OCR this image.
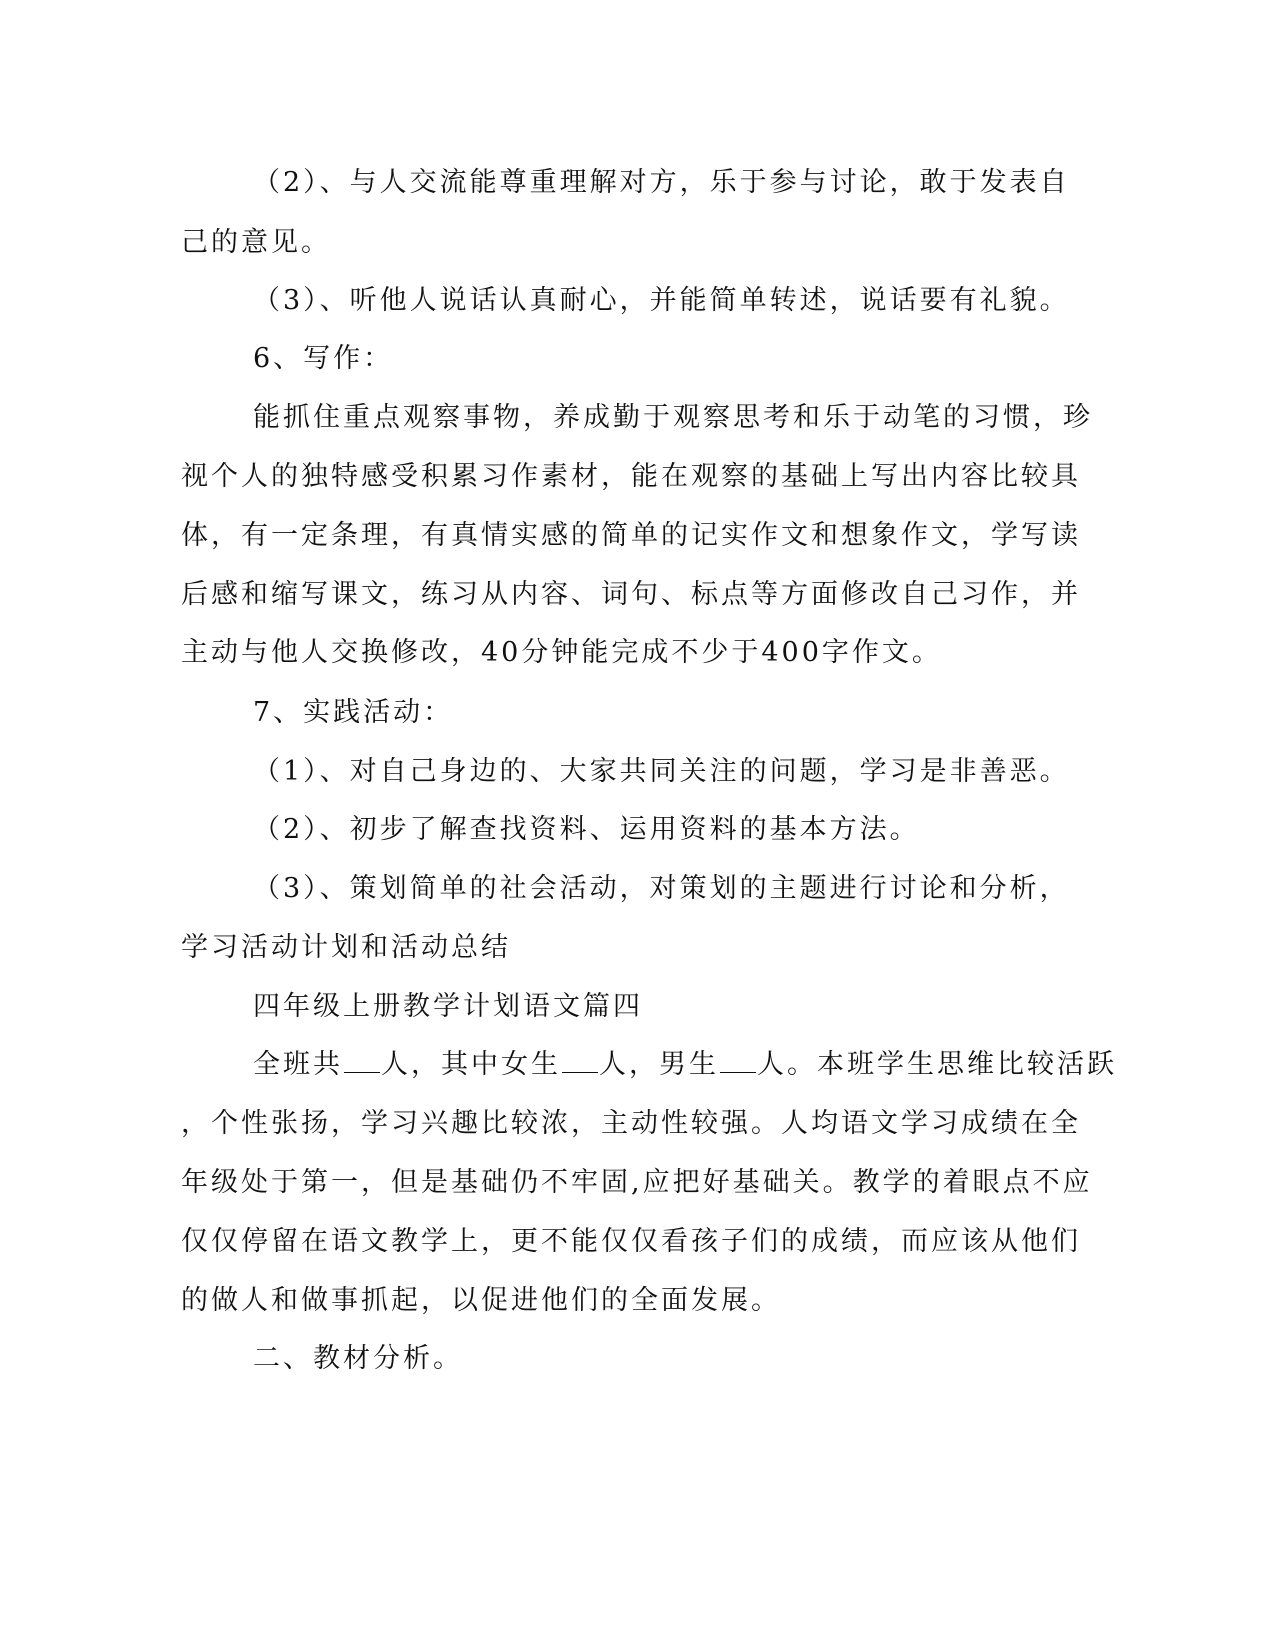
（2）、与人交流能尊重理解对方，乐于参与讨论，敢于发表自
己的意见。
（3）、听他人说话认真耐心，并能简单转述，说话要有礼貌。
6、写作：
能抓住重点观察事物，养成勤于观察思考和乐于动笔的习惯，珍
视个人的独特感受积累习作素材，能在观察的基础上写出内容比较具
体，有一定条理，有真情实感的简单的记实作文和想象作文，学写读
后感和缩写课文，练习从内容、词句、标点等方面修改自己习作，并
主动与他人交换修改，40分钟能完成不少于400字作文。
7、实践活动：
（1）、对自己身边的、大家共同关注的问题，学习是非善恶。
（2）、初步了解查找资料、运用资料的基本方法。
（3）、策划简单的社会活动，对策划的主题进行讨论和分析，
学习活动计划和活动总结
四年级上册教学计划语文篇四
全班共 人，其中女生 人，男生 人。本班学生思维比较活跃
，个性张扬，学习兴趣比较浓，主动性较强。人均语文学习成绩在全
年级处于第一，但是基础仍不牢固,应把好基础关。教学的着眼点不应
仅仅停留在语文教学上，更不能仅仅看孩子们的成绩，而应该从他们
的做人和做事抓起，以促进他们的全面发展。
二、教材分析。
